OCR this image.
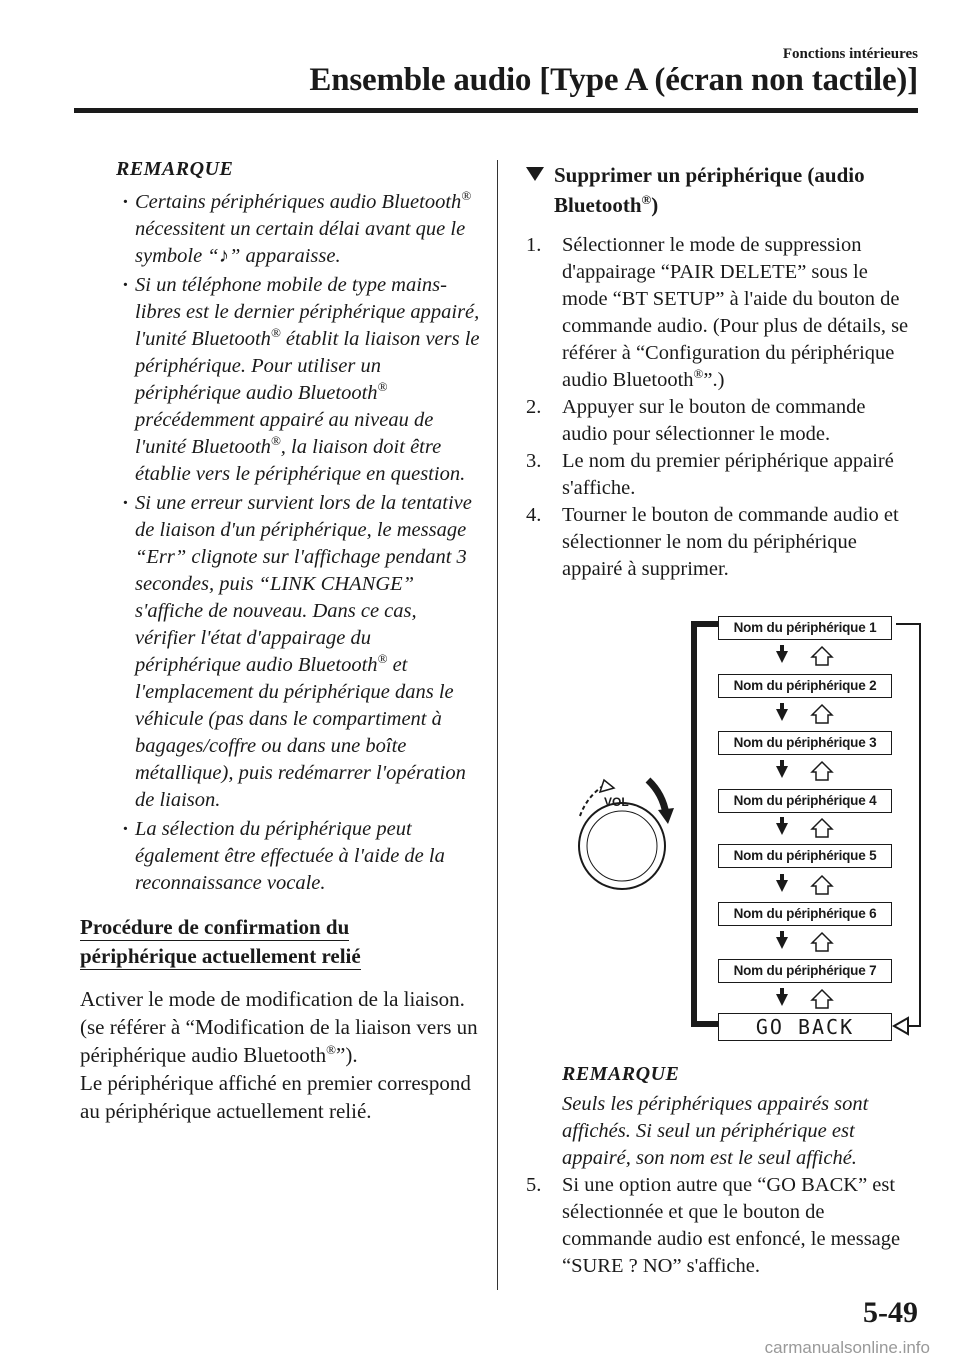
Fonctions intérieures
Ensemble audio [Type A (écran non tactile)]
REMARQUE
· Certains périphériques audio Bluetooth® nécessitent un certain délai avant que le symbole “♪” apparaisse.
· Si un téléphone mobile de type mains-libres est le dernier périphérique appairé, l'unité Bluetooth® établit la liaison vers le périphérique. Pour utiliser un périphérique audio Bluetooth® précédemment appairé au niveau de l'unité Bluetooth®, la liaison doit être établie vers le périphérique en question.
· Si une erreur survient lors de la tentative de liaison d'un périphérique, le message “Err” clignote sur l'affichage pendant 3 secondes, puis “LINK CHANGE” s'affiche de nouveau. Dans ce cas, vérifier l'état d'appairage du périphérique audio Bluetooth® et l'emplacement du périphérique dans le véhicule (pas dans le compartiment à bagages/coffre ou dans une boîte métallique), puis redémarrer l'opération de liaison.
· La sélection du périphérique peut également être effectuée à l'aide de la reconnaissance vocale.
Procédure de confirmation du
périphérique actuellement relié
Activer le mode de modification de la liaison. (se référer à “Modification de la liaison vers un périphérique audio Bluetooth®”).
Le périphérique affiché en premier correspond au périphérique actuellement relié.
Supprimer un périphérique (audio Bluetooth®)
1. Sélectionner le mode de suppression d'appairage “PAIR DELETE” sous le mode “BT SETUP” à l'aide du bouton de commande audio. (Pour plus de détails, se référer à “Configuration du périphérique audio Bluetooth®”.)
2. Appuyer sur le bouton de commande audio pour sélectionner le mode.
3. Le nom du premier périphérique appairé s'affiche.
4. Tourner le bouton de commande audio et sélectionner le nom du périphérique appairé à supprimer.
VOL
Nom du périphérique 1
Nom du périphérique 2
Nom du périphérique 3
Nom du périphérique 4
Nom du périphérique 5
Nom du périphérique 6
Nom du périphérique 7
GO BACK
REMARQUE
Seuls les périphériques appairés sont affichés. Si seul un périphérique est appairé, son nom est le seul affiché.
5. Si une option autre que “GO BACK” est sélectionnée et que le bouton de commande audio est enfoncé, le message “SURE ? NO” s'affiche.
5-49
carmanualsonline.info
